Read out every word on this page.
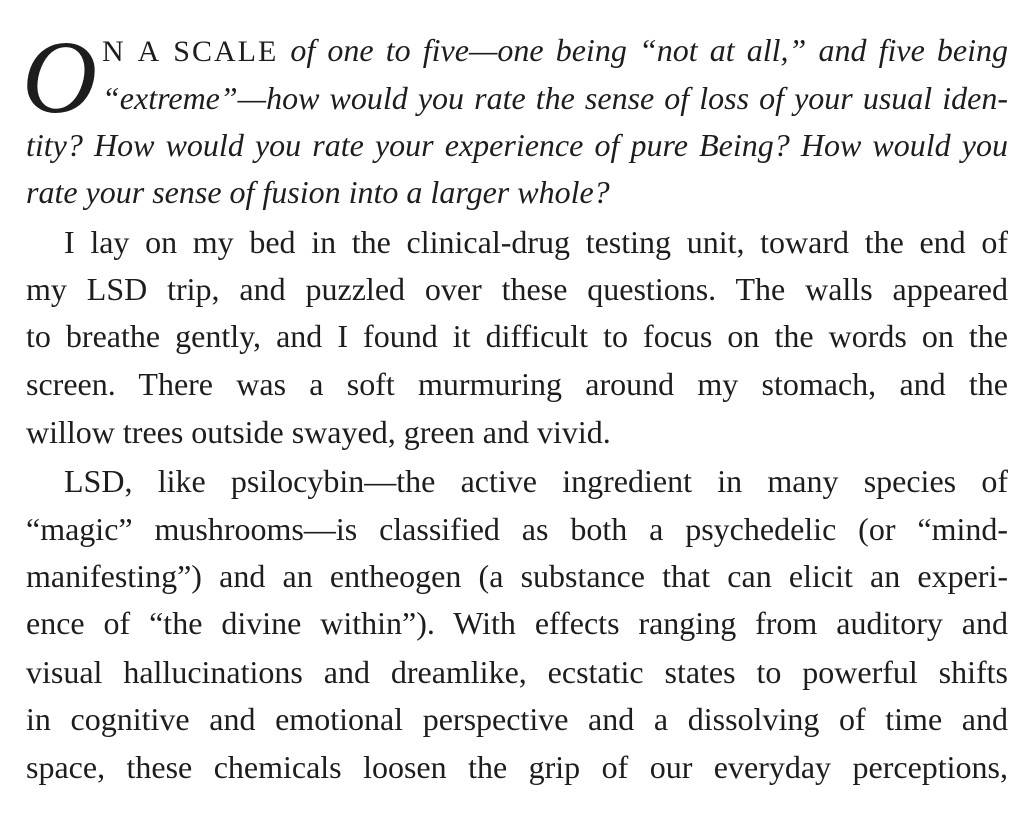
O N A SCALE of one to five—one being “not at all,” and five being
“extreme”—how would you rate the sense of loss of your usual iden-
tity? How would you rate your experience of pure Being? How would you
rate your sense of fusion into a larger whole?
I lay on my bed in the clinical-drug testing unit, toward the end of
my LSD trip, and puzzled over these questions. The walls appeared
to breathe gently, and I found it difficult to focus on the words on the
screen. There was a soft murmuring around my stomach, and the
willow trees outside swayed, green and vivid.
LSD, like psilocybin—the active ingredient in many species of
“magic” mushrooms—is classified as both a psychedelic (or “mind-
manifesting”) and an entheogen (a substance that can elicit an experi-
ence of “the divine within”). With effects ranging from auditory and
visual hallucinations and dreamlike, ecstatic states to powerful shifts
in cognitive and emotional perspective and a dissolving of time and
space, these chemicals loosen the grip of our everyday perceptions,
